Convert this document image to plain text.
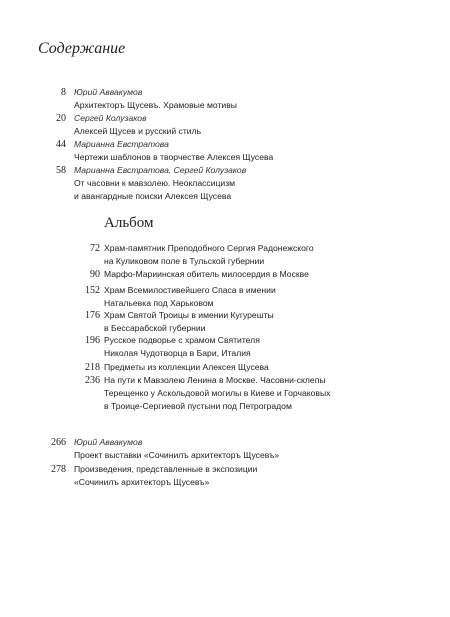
Содержание
8 Юрий Аввакумов
Архитекторъ Щусевъ. Храмовые мотивы
20 Сергей Колузаков
Алексей Щусев и русский стиль
44 Марианна Евстратова
Чертежи шаблонов в творчестве Алексея Щусева
58 Марианна Евстратова, Сергей Колузаков
От часовни к мавзолею. Неоклассицизм
и авангардные поиски Алексея Щусева
Альбом
72 Храм-памятник Преподобного Сергия Радонежского
на Куликовом поле в Тульской губернии
90 Марфо-Мариинская обитель милосердия в Москве
152 Храм Всемилостивейшего Спаса в имении
Натальевка под Харьковом
176 Храм Святой Троицы в имении Кугурешты
в Бессарабской губернии
196 Русское подворье с храмом Святителя
Николая Чудотворца в Бари, Италия
218 Предметы из коллекции Алексея Щусева
236 На пути к Мавзолею Ленина в Москве. Часовни-склепы
Терещенко у Аскольдовой могилы в Киеве и Горчаковых
в Троице-Сергиевой пустыни под Петроградом
266 Юрий Аввакумов
Проект выставки «Сочинилъ архитекторъ Щусевъ»
278 Произведения, представленные в экспозиции
«Сочинилъ архитекторъ Щусевъ»
